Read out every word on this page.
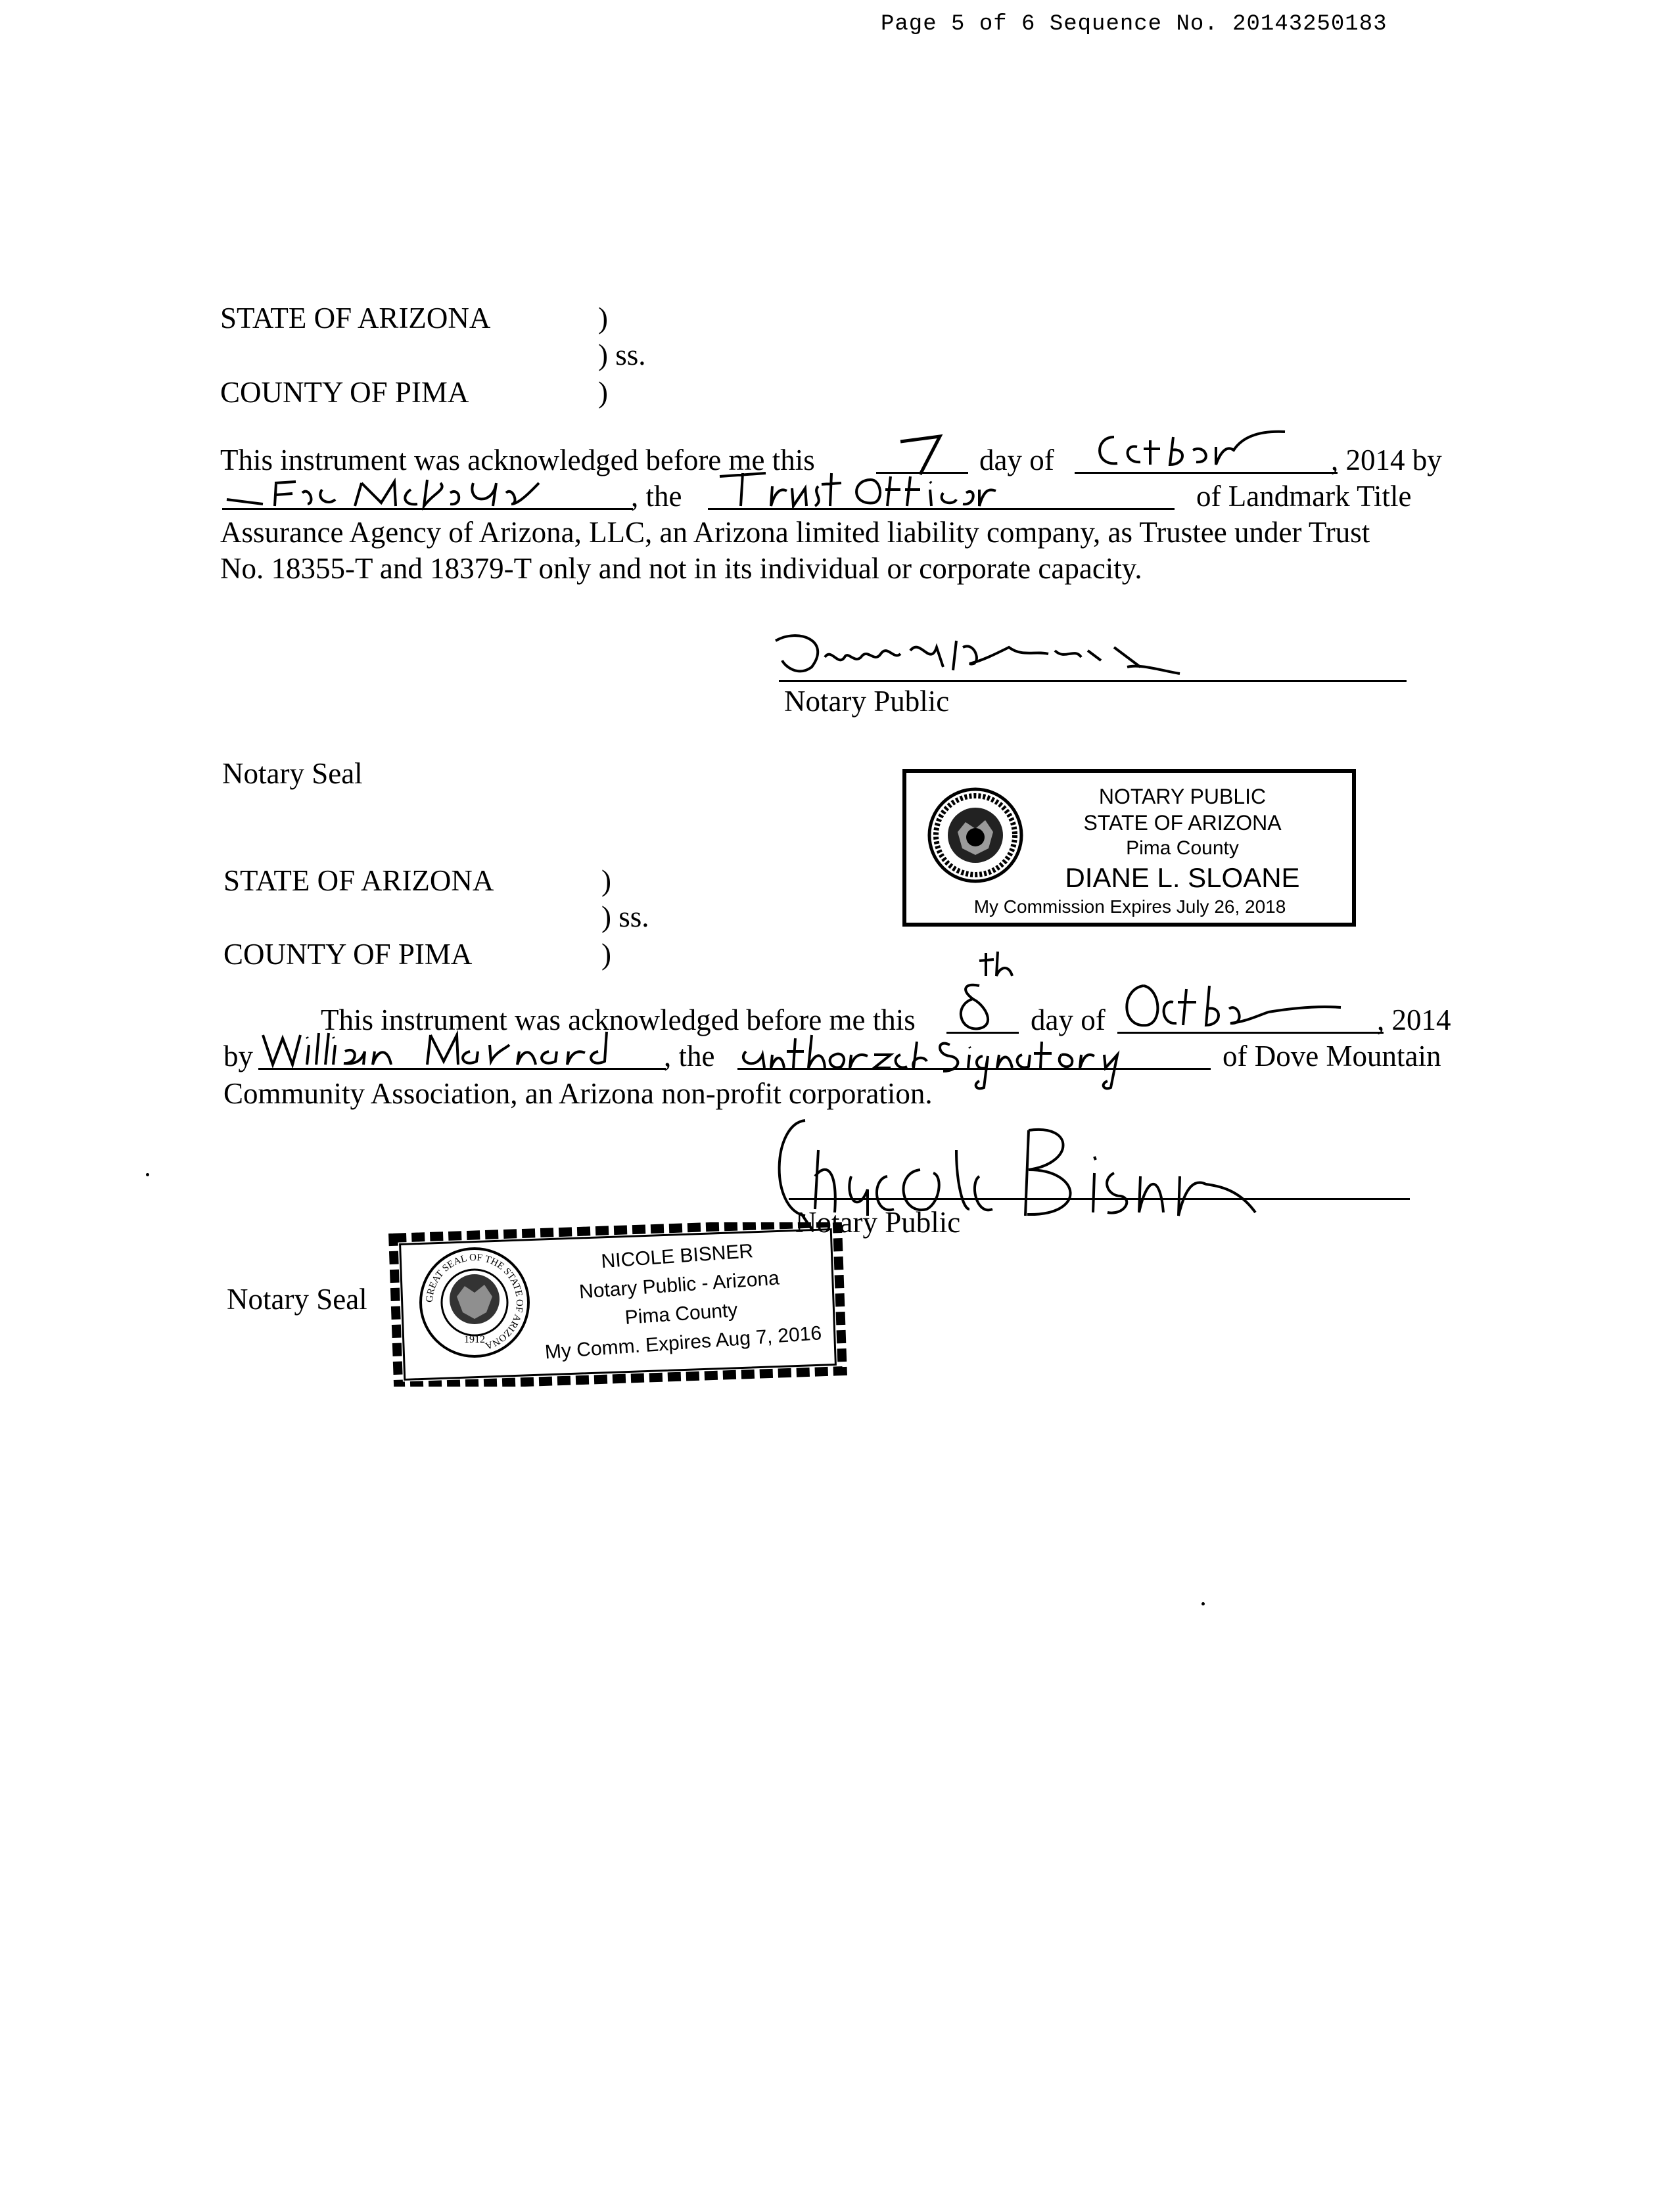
Page 5 of 6 Sequence No. 20143250183
STATE OF ARIZONA	)
) ss.
COUNTY OF PIMA	)
This instrument was acknowledged before me this	day of	, 2014 by
, the	of Landmark Title
Assurance Agency of Arizona, LLC, an Arizona limited liability company, as Trustee under Trust
No. 18355-T and 18379-T only and not in its individual or corporate capacity.
Notary Public
Notary Seal
NOTARY PUBLIC
STATE OF ARIZONA
Pima County
DIANE L. SLOANE
My Commission Expires July 26, 2018
STATE OF ARIZONA	)
) ss.
COUNTY OF PIMA	)
This instrument was acknowledged before me this	day of	, 2014
by	, the	of Dove Mountain
Community Association, an Arizona non-profit corporation.
Notary Public
Notary Seal	GREAT SEAL OF THE STATE OF ARIZONA
1912
NICOLE BISNER
Notary Public - Arizona
Pima County
My Comm. Expires Aug 7, 2016
